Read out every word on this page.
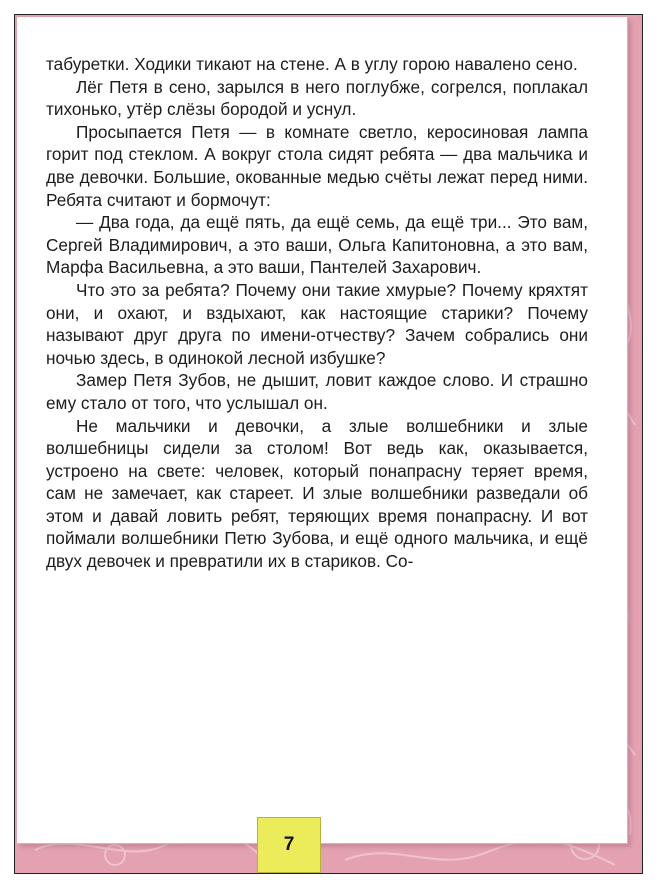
табуретки. Ходики тикают на стене. А в углу горою навалено сено.

Лёг Петя в сено, зарылся в него поглубже, согрелся, поплакал тихонько, утёр слёзы бородой и уснул.

Просыпается Петя — в комнате светло, керосиновая лампа горит под стеклом. А вокруг стола сидят ребята — два мальчика и две девочки. Большие, окованные медью счёты лежат перед ними. Ребята считают и бормочут:

— Два года, да ещё пять, да ещё семь, да ещё три... Это вам, Сергей Владимирович, а это ваши, Ольга Капитоновна, а это вам, Марфа Васильевна, а это ваши, Пантелей Захарович.

Что это за ребята? Почему они такие хмурые? Почему кряхтят они, и охают, и вздыхают, как настоящие старики? Почему называют друг друга по имени-отчеству? Зачем собрались они ночью здесь, в одинокой лесной избушке?

Замер Петя Зубов, не дышит, ловит каждое слово. И страшно ему стало от того, что услышал он.

Не мальчики и девочки, а злые волшебники и злые волшебницы сидели за столом! Вот ведь как, оказывается, устроено на свете: человек, который понапрасну теряет время, сам не замечает, как стареет. И злые волшебники разведали об этом и давай ловить ребят, теряющих время понапрасну. И вот поймали волшебники Петю Зубова, и ещё одного мальчика, и ещё двух девочек и превратили их в стариков. Со-

7
